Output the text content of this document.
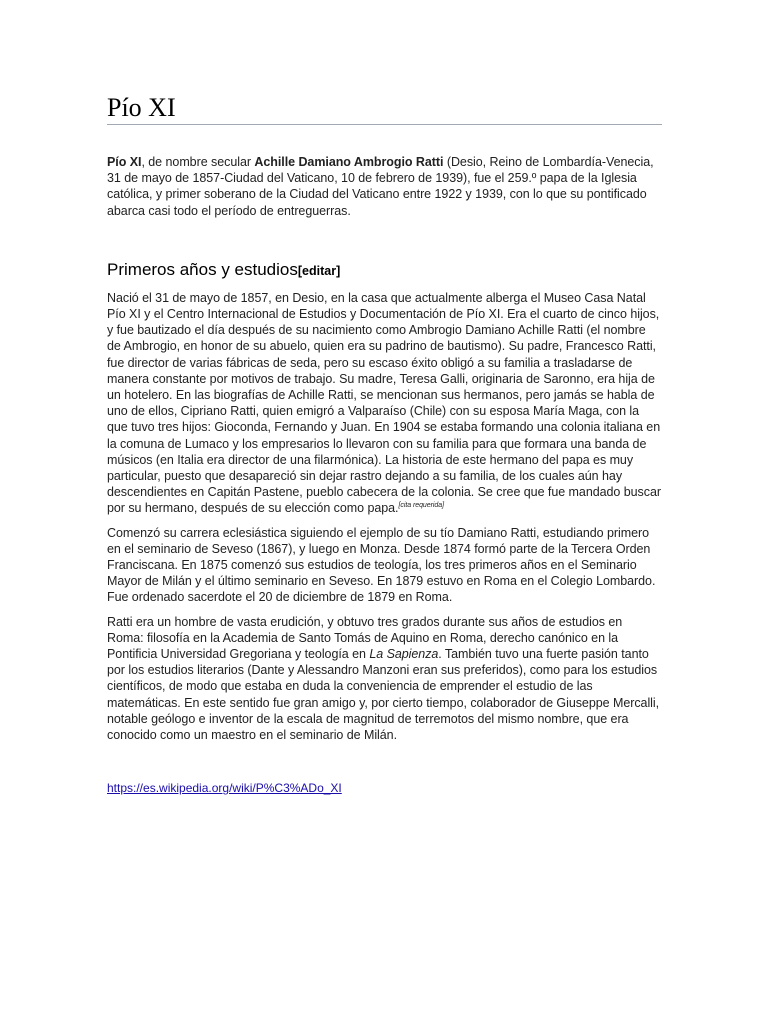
Pío XI

Pío XI, de nombre secular Achille Damiano Ambrogio Ratti (Desio, Reino de Lombardía-Venecia, 31 de mayo de 1857-Ciudad del Vaticano, 10 de febrero de 1939), fue el 259.º papa de la Iglesia católica, y primer soberano de la Ciudad del Vaticano entre 1922 y 1939, con lo que su pontificado abarca casi todo el período de entreguerras.

Primeros años y estudios[editar]

Nació el 31 de mayo de 1857, en Desio, en la casa que actualmente alberga el Museo Casa Natal Pío XI y el Centro Internacional de Estudios y Documentación de Pío XI. Era el cuarto de cinco hijos, y fue bautizado el día después de su nacimiento como Ambrogio Damiano Achille Ratti (el nombre de Ambrogio, en honor de su abuelo, quien era su padrino de bautismo). Su padre, Francesco Ratti, fue director de varias fábricas de seda, pero su escaso éxito obligó a su familia a trasladarse de manera constante por motivos de trabajo. Su madre, Teresa Galli, originaria de Saronno, era hija de un hotelero. En las biografías de Achille Ratti, se mencionan sus hermanos, pero jamás se habla de uno de ellos, Cipriano Ratti, quien emigró a Valparaíso (Chile) con su esposa María Maga, con la que tuvo tres hijos: Gioconda, Fernando y Juan. En 1904 se estaba formando una colonia italiana en la comuna de Lumaco y los empresarios lo llevaron con su familia para que formara una banda de músicos (en Italia era director de una filarmónica). La historia de este hermano del papa es muy particular, puesto que desapareció sin dejar rastro dejando a su familia, de los cuales aún hay descendientes en Capitán Pastene, pueblo cabecera de la colonia. Se cree que fue mandado buscar por su hermano, después de su elección como papa.[cita requerida]

Comenzó su carrera eclesiástica siguiendo el ejemplo de su tío Damiano Ratti, estudiando primero en el seminario de Seveso (1867), y luego en Monza. Desde 1874 formó parte de la Tercera Orden Franciscana. En 1875 comenzó sus estudios de teología, los tres primeros años en el Seminario Mayor de Milán y el último seminario en Seveso. En 1879 estuvo en Roma en el Colegio Lombardo. Fue ordenado sacerdote el 20 de diciembre de 1879 en Roma.

Ratti era un hombre de vasta erudición, y obtuvo tres grados durante sus años de estudios en Roma: filosofía en la Academia de Santo Tomás de Aquino en Roma, derecho canónico en la Pontificia Universidad Gregoriana y teología en La Sapienza. También tuvo una fuerte pasión tanto por los estudios literarios (Dante y Alessandro Manzoni eran sus preferidos), como para los estudios científicos, de modo que estaba en duda la conveniencia de emprender el estudio de las matemáticas. En este sentido fue gran amigo y, por cierto tiempo, colaborador de Giuseppe Mercalli, notable geólogo e inventor de la escala de magnitud de terremotos del mismo nombre, que era conocido como un maestro en el seminario de Milán.

https://es.wikipedia.org/wiki/P%C3%ADo_XI
